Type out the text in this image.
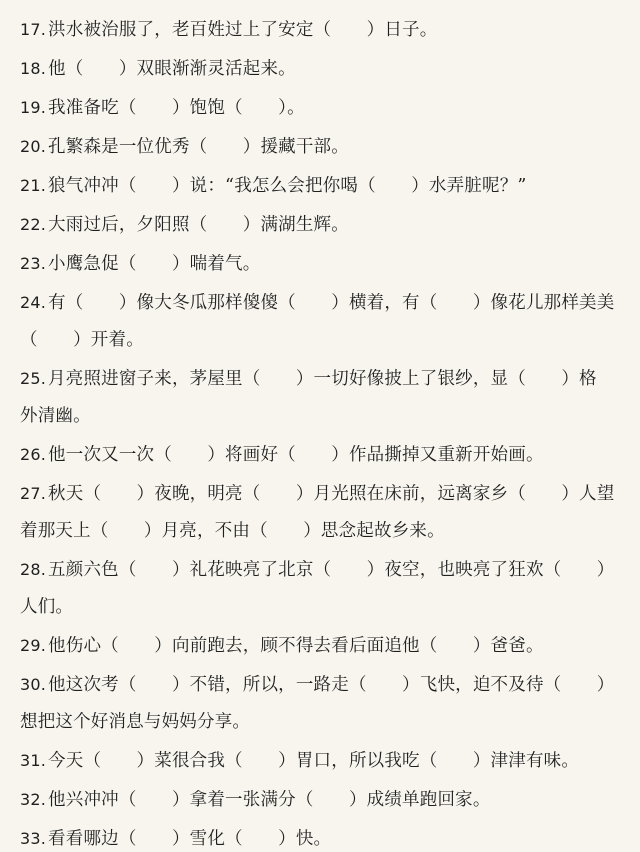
17. 洪水被治服了，老百姓过上了安定（　　）日子。
18. 他（　　）双眼渐渐灵活起来。
19. 我准备吃（　　）饱饱（　　）。
20. 孔繁森是一位优秀（　　）援藏干部。
21. 狼气冲冲（　　）说：“我怎么会把你喝（　　）水弄脏呢？”
22. 大雨过后，夕阳照（　　）满湖生辉。
23. 小鹰急促（　　）喘着气。
24. 有（　　）像大冬瓜那样傻傻（　　）横着，有（　　）像花儿那样美美
（　　）开着。
25. 月亮照进窗子来，茅屋里（　　）一切好像披上了银纱，显（　　）格
外清幽。
26. 他一次又一次（　　）将画好（　　）作品撕掉又重新开始画。
27. 秋天（　　）夜晚，明亮（　　）月光照在床前，远离家乡（　　）人望
着那天上（　　）月亮，不由（　　）思念起故乡来。
28. 五颜六色（　　）礼花映亮了北京（　　）夜空，也映亮了狂欢（　　）
人们。
29. 他伤心（　　）向前跑去，顾不得去看后面追他（　　）爸爸。
30. 他这次考（　　）不错，所以，一路走（　　）飞快，迫不及待（　　）
想把这个好消息与妈妈分享。
31. 今天（　　）菜很合我（　　）胃口，所以我吃（　　）津津有味。
32. 他兴冲冲（　　）拿着一张满分（　　）成绩单跑回家。
33. 看看哪边（　　）雪化（　　）快。
